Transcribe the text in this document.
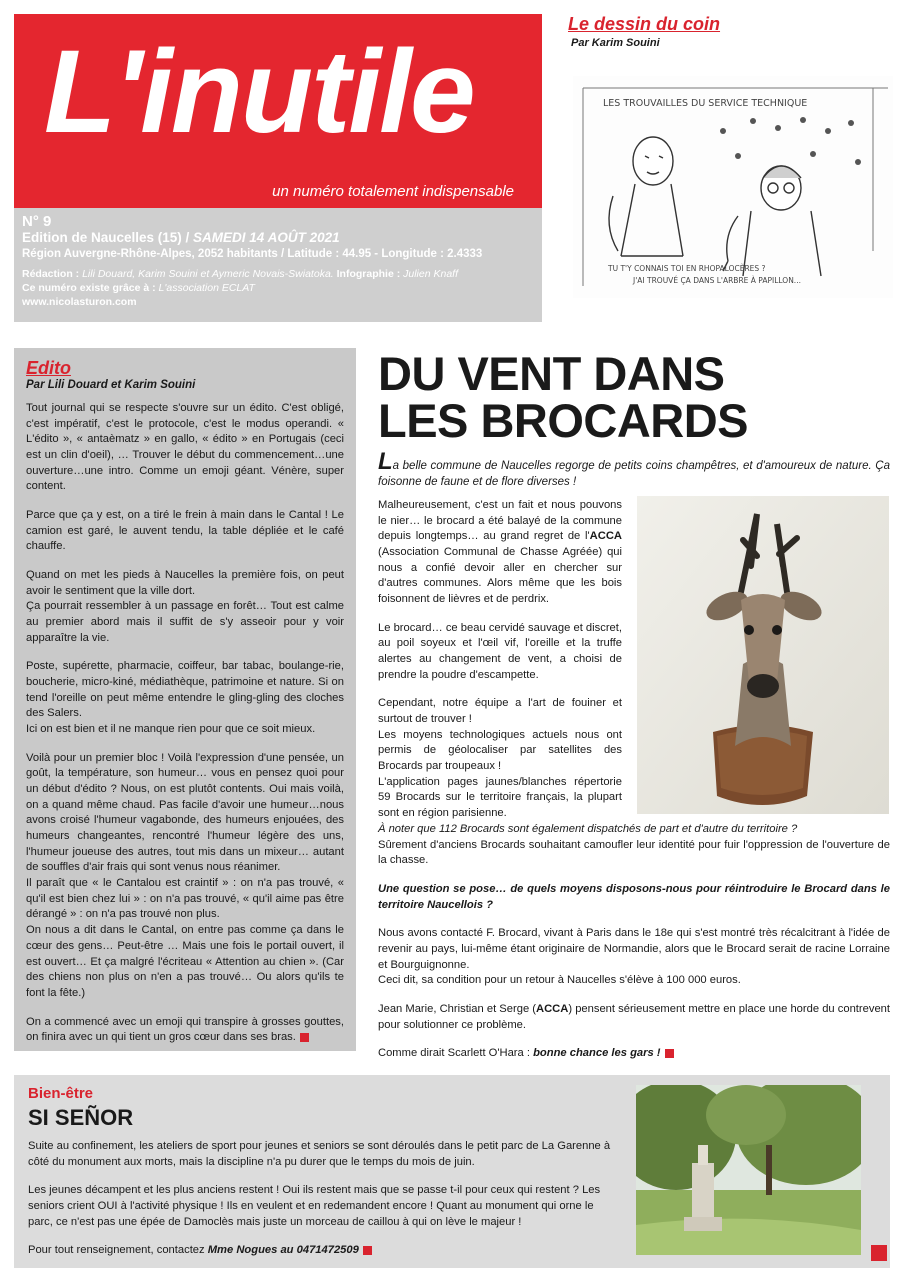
L'inutile
un numéro totalement indispensable
N° 9
Edition de Naucelles (15) / SAMEDI 14 AOÛT 2021
Région Auvergne-Rhône-Alpes, 2052 habitants / Latitude : 44.95 - Longitude : 2.4333
Rédaction : Lili Douard, Karim Souini et Aymeric Novais-Swiatoka. Infographie : Julien Knaff
Ce numéro existe grâce à : L'association ECLAT
www.nicolasturon.com
Le dessin du coin
Par Karim Souini
LES TROUVAILLES DU SERVICE TECHNIQUE
TU T'Y CONNAIS TOI EN RHOPALOCÈRES ?
J'AI TROUVÉ ÇA DANS L'ARBRE À PAPILLON...
Edito
Par Lili Douard et Karim Souini

Tout journal qui se respecte s'ouvre sur un édito. C'est obligé, c'est impératif, c'est le protocole, c'est le modus operandi. « L'édito », « antaèmatz » en gallo, « édito » en Portugais (ceci est un clin d'oeil), … Trouver le début du commencement…une ouverture…une intro. Comme un emoji géant. Vénère, super content.

Parce que ça y est, on a tiré le frein à main dans le Cantal ! Le camion est garé, le auvent tendu, la table dépliée et le café chauffe.

Quand on met les pieds à Naucelles la première fois, on peut avoir le sentiment que la ville dort.

Ça pourrait ressembler à un passage en forêt… Tout est calme au premier abord mais il suffit de s'y asseoir pour y voir apparaître la vie.

Poste, supérette, pharmacie, coiffeur, bar tabac, boulange-rie, boucherie, micro-kiné, médiathèque, patrimoine et nature. Si on tend l'oreille on peut même entendre le gling-gling des cloches des Salers.

Ici on est bien et il ne manque rien pour que ce soit mieux.

Voilà pour un premier bloc ! Voilà l'expression d'une pensée, un goût, la température, son humeur… vous en pensez quoi pour un début d'édito ? Nous, on est plutôt contents. Oui mais voilà, on a quand même chaud. Pas facile d'avoir une humeur…nous avons croisé l'humeur vagabonde, des humeurs enjouées, des humeurs changeantes, rencontré l'humeur légère des uns, l'humeur joueuse des autres, tout mis dans un mixeur… autant de souffles d'air frais qui sont venus nous réanimer.

Il paraît que « le Cantalou est craintif » : on n'a pas trouvé, « qu'il est bien chez lui » : on n'a pas trouvé, « qu'il aime pas être dérangé » : on n'a pas trouvé non plus.

On nous a dit dans le Cantal, on entre pas comme ça dans le cœur des gens… Peut-être … Mais une fois le portail ouvert, il est ouvert… Et ça malgré l'écriteau « Attention au chien ». (Car des chiens non plus on n'en a pas trouvé… Ou alors qu'ils te font la fête.)

On a commencé avec un emoji qui transpire à grosses gouttes, on finira avec un qui tient un gros cœur dans ses bras.

DU VENT DANS
LES BROCARDS
La belle commune de Naucelles regorge de petits coins champêtres, et d'amoureux de nature. Ça foisonne de faune et de flore diverses !

Malheureusement, c'est un fait et nous pouvons le nier… le brocard a été balayé de la commune depuis longtemps… au grand regret de l'ACCA (Association Communal de Chasse Agréée) qui nous a confié devoir aller en chercher sur d'autres communes. Alors même que les bois foisonnent de lièvres et de perdrix.

Le brocard… ce beau cervidé sauvage et discret, au poil soyeux et l'œil vif, l'oreille et la truffe alertes au changement de vent, a choisi de prendre la poudre d'escampette.

Cependant, notre équipe a l'art de fouiner et surtout de trouver !

Les moyens technologiques actuels nous ont permis de géolocaliser par satellites des Brocards par troupeaux !

L'application pages jaunes/blanches répertorie 59 Brocards sur le territoire français, la plupart sont en région parisienne.

À noter que 112 Brocards sont également dispatchés de part et d'autre du territoire ?
Sûrement d'anciens Brocards souhaitant camoufler leur identité pour fuir l'oppression de l'ouverture de la chasse.

Une question se pose… de quels moyens disposons-nous pour réintroduire le Brocard dans le territoire Naucellois ?

Nous avons contacté F. Brocard, vivant à Paris dans le 18e qui s'est montré très récalcitrant à l'idée de revenir au pays, lui-même étant originaire de Normandie, alors que le Brocard serait de racine Lorraine et Bourguignonne.

Ceci dit, sa condition pour un retour à Naucelles s'élève à 100 000 euros.

Jean Marie, Christian et Serge (ACCA) pensent sérieusement mettre en place une horde du contrevent pour solutionner ce problème.

Comme dirait Scarlett O'Hara : bonne chance les gars !

Bien-être
SI SEÑOR

Suite au confinement, les ateliers de sport pour jeunes et seniors se sont déroulés dans le petit parc de La Garenne à côté du monument aux morts, mais la discipline n'a pu durer que le temps du mois de juin.

Les jeunes décampent et les plus anciens restent ! Oui ils restent mais que se passe t-il pour ceux qui restent ? Les seniors crient OUI à l'activité physique ! Ils en veulent et en redemandent encore ! Quant au monument qui orne le parc, ce n'est pas une épée de Damoclès mais juste un morceau de caillou à qui on lève le majeur !

Pour tout renseignement, contactez Mme Nogues au 0471472509
